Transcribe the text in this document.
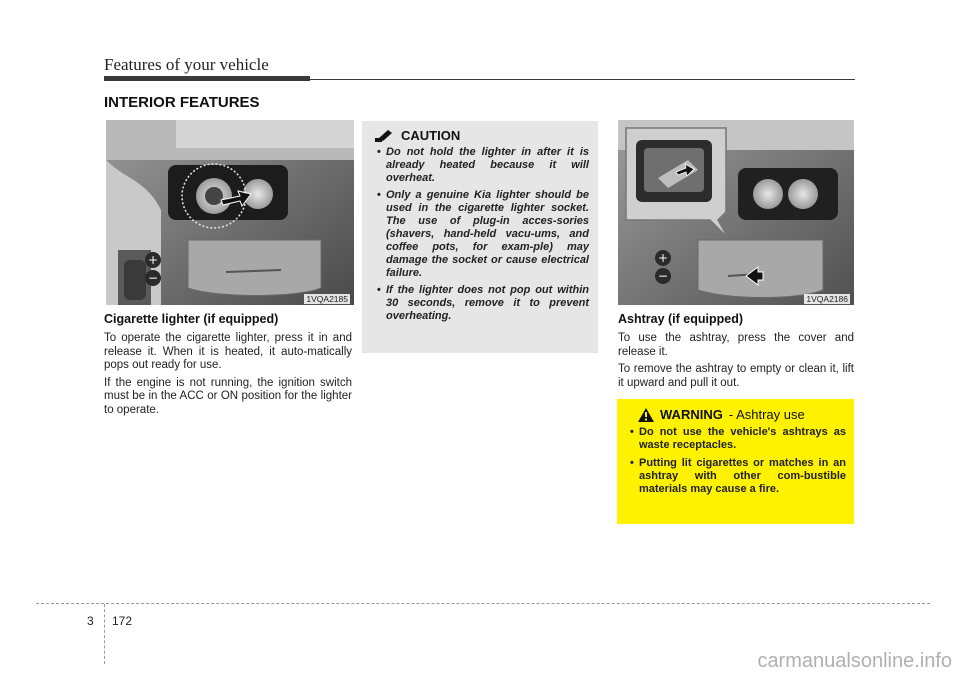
Features of your vehicle
INTERIOR FEATURES
+
−
1VQA2185
Cigarette lighter (if equipped)

To operate the cigarette lighter, press it in and release it. When it is heated, it auto-matically pops out ready for use.

If the engine is not running, the ignition switch must be in the ACC or ON position for the lighter to operate.

CAUTION
• Do not hold the lighter in after it is already heated because it will overheat.
• Only a genuine Kia lighter should be used in the cigarette lighter socket. The use of plug-in acces-sories (shavers, hand-held vacu-ums, and coffee pots, for exam-ple) may damage the socket or cause electrical failure.
• If the lighter does not pop out within 30 seconds, remove it to prevent overheating.
+
−
1VQA2186
Ashtray (if equipped)

To use the ashtray, press the cover and release it.

To remove the ashtray to empty or clean it, lift it upward and pull it out.

WARNING - Ashtray use
• Do not use the vehicle's ashtrays as waste receptacles.
• Putting lit cigarettes or matches in an ashtray with other com-bustible materials may cause a fire.
3 172
carmanualsonline.info
